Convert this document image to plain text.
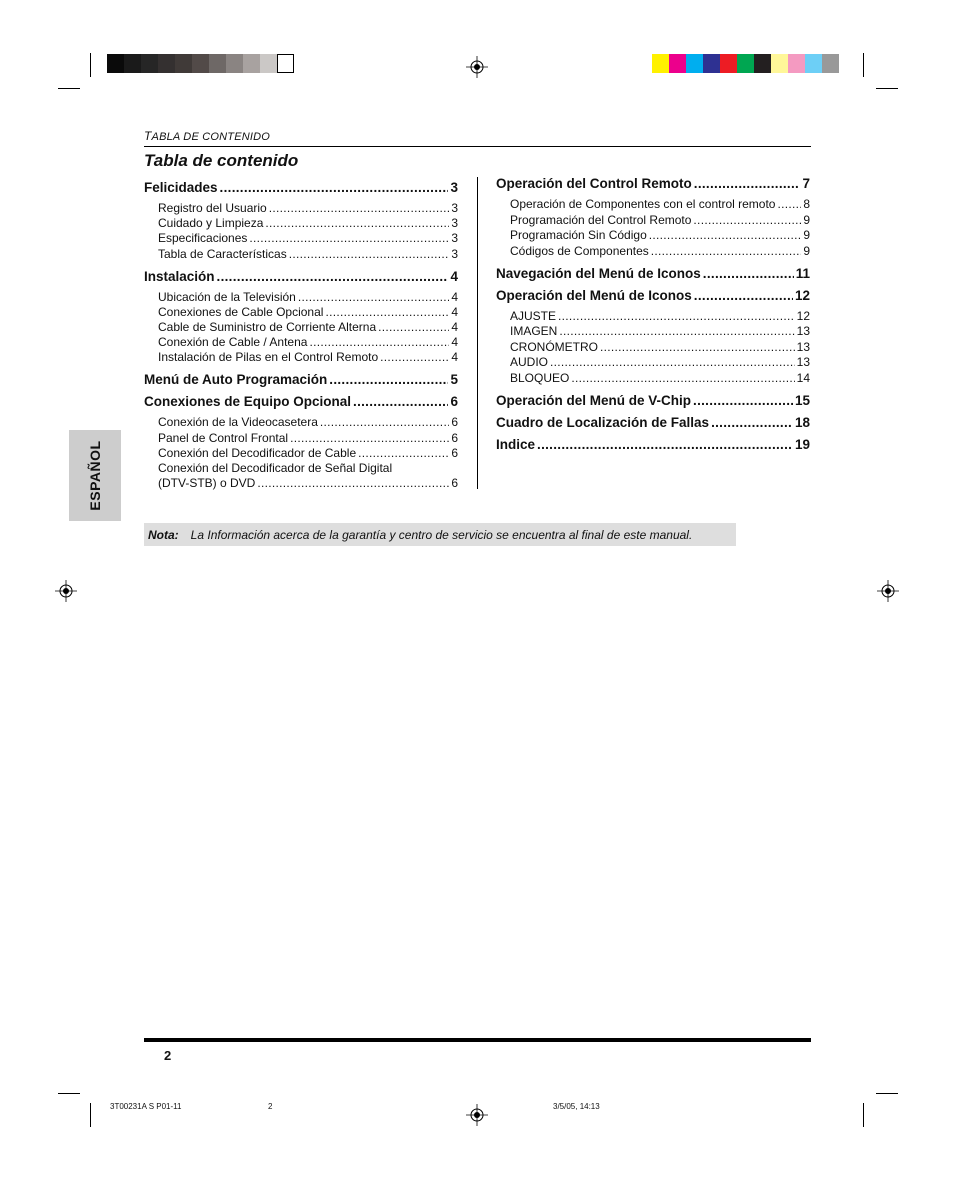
TABLA DE CONTENIDO
Tabla de contenido
Felicidades .....	3
Registro del Usuario .....	3
Cuidado y Limpieza .....	3
Especificaciones .....	3
Tabla de Características .....	3
Instalación .....	4
Ubicación de la Televisión .....	4
Conexiones de Cable Opcional .....	4
Cable de Suministro de Corriente Alterna .....	4
Conexión de Cable / Antena .....	4
Instalación de Pilas en el Control Remoto .....	4
Menú de Auto Programación .....	5
Conexiones de Equipo Opcional .....	6
Conexión de la Videocasetera .....	6
Panel de Control Frontal .....	6
Conexión del Decodificador de Cable .....	6
Conexión del Decodificador de Señal Digital
(DTV-STB) o DVD .....	6
Operación del Control Remoto .....	7
Operación de Componentes con el control remoto ..... 8
Programación del Control Remoto .....	9
Programación Sin Código .....	9
Códigos de Componentes .....	9
Navegación del Menú de Iconos .....	11
Operación del Menú de Iconos .....	12
AJUSTE .....	12
IMAGEN .....	13
CRONÓMETRO .....	13
AUDIO .....	13
BLOQUEO .....	14
Operación del Menú de V-Chip .....	15
Cuadro de Localización de Fallas .....	18
Indice .....	19
ESPAÑOL
Nota: La Información acerca de la garantía y centro de servicio se encuentra al final de este manual.
2
3T00231A S P01-11	2	3/5/05, 14:13
